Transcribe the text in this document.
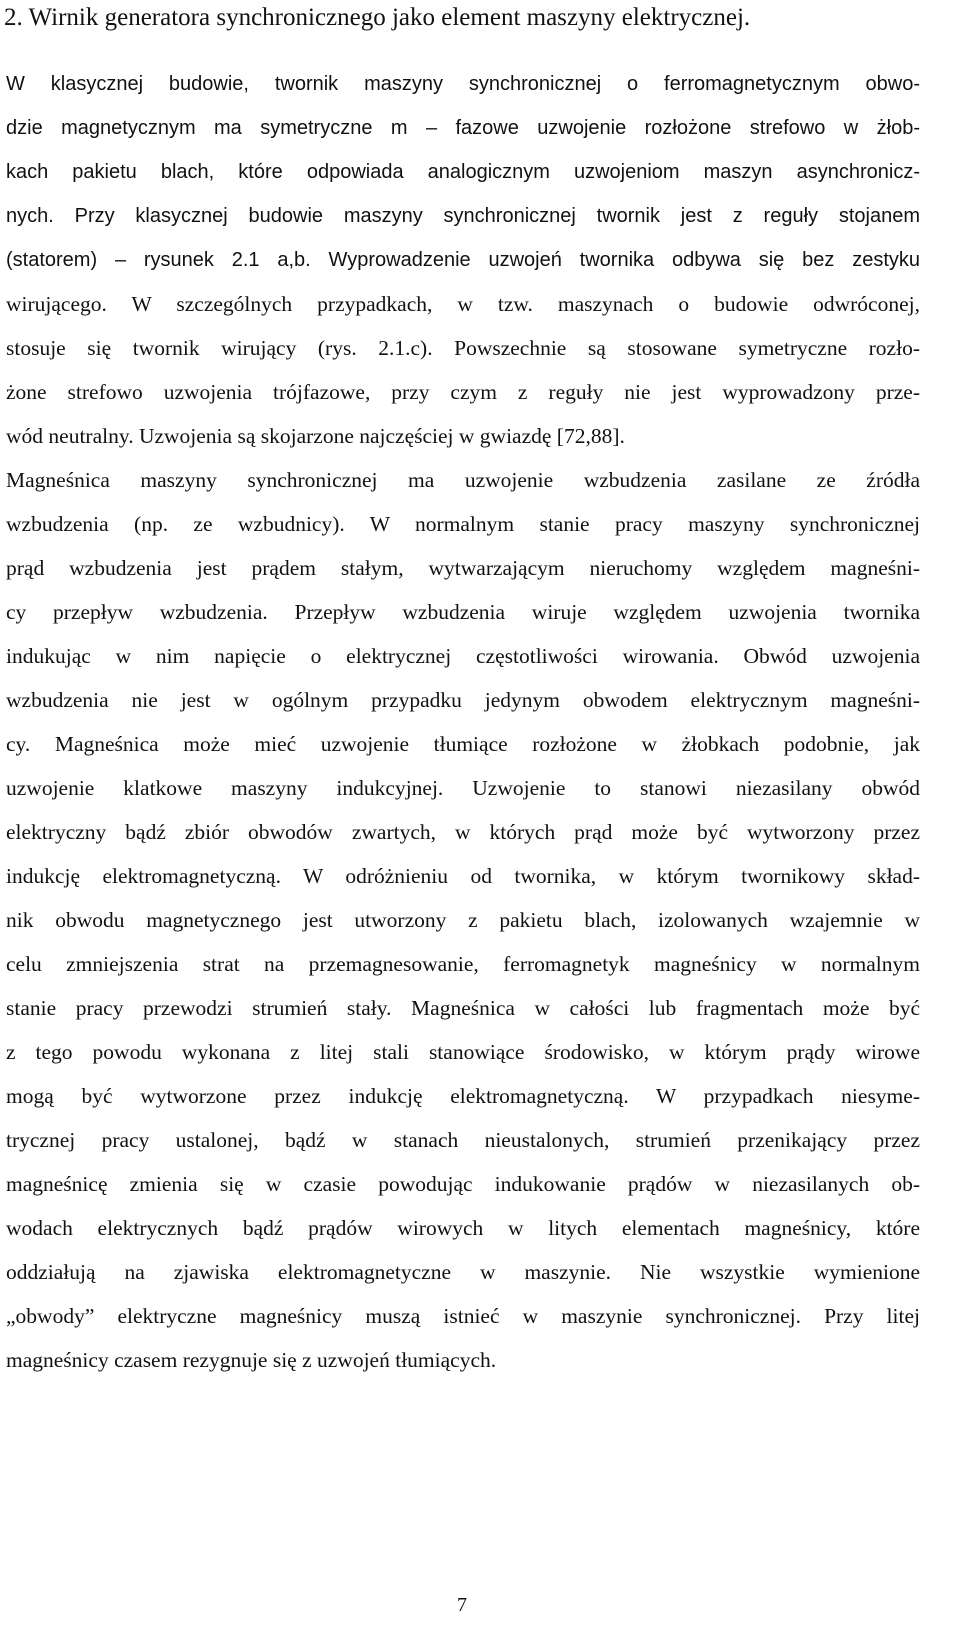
2. Wirnik generatora synchronicznego jako element maszyny elektrycznej.
W klasycznej budowie, twornik maszyny synchronicznej o ferromagnetycznym obwo-
dzie magnetycznym ma symetryczne m – fazowe uzwojenie rozłożone strefowo w żłob-
kach pakietu blach, które odpowiada analogicznym uzwojeniom maszyn asynchronicz-
nych. Przy klasycznej budowie maszyny synchronicznej twornik jest z reguły stojanem
(statorem) – rysunek 2.1 a,b. Wyprowadzenie uzwojeń twornika odbywa się bez zestyku
wirującego. W szczególnych przypadkach, w tzw. maszynach o budowie odwróconej,
stosuje się twornik wirujący (rys. 2.1.c). Powszechnie są stosowane symetryczne rozło-
żone strefowo uzwojenia trójfazowe, przy czym z reguły nie jest wyprowadzony prze-
wód neutralny. Uzwojenia są skojarzone najczęściej w gwiazdę [72,88].
Magneśnica maszyny synchronicznej ma uzwojenie wzbudzenia zasilane ze źródła
wzbudzenia (np. ze wzbudnicy). W normalnym stanie pracy maszyny synchronicznej
prąd wzbudzenia jest prądem stałym, wytwarzającym nieruchomy względem magneśni-
cy przepływ wzbudzenia. Przepływ wzbudzenia wiruje względem uzwojenia twornika
indukując w nim napięcie o elektrycznej częstotliwości wirowania. Obwód uzwojenia
wzbudzenia nie jest w ogólnym przypadku jedynym obwodem elektrycznym magneśni-
cy. Magneśnica może mieć uzwojenie tłumiące rozłożone w żłobkach podobnie, jak
uzwojenie klatkowe maszyny indukcyjnej. Uzwojenie to stanowi niezasilany obwód
elektryczny bądź zbiór obwodów zwartych, w których prąd może być wytworzony przez
indukcję elektromagnetyczną. W odróżnieniu od twornika, w którym twornikowy skład-
nik obwodu magnetycznego jest utworzony z pakietu blach, izolowanych wzajemnie w
celu zmniejszenia strat na przemagnesowanie, ferromagnetyk magneśnicy w normalnym
stanie pracy przewodzi strumień stały. Magneśnica w całości lub fragmentach może być
z tego powodu wykonana z litej stali stanowiące środowisko, w którym prądy wirowe
mogą być wytworzone przez indukcję elektromagnetyczną. W przypadkach niesyme-
trycznej pracy ustalonej, bądź w stanach nieustalonych, strumień przenikający przez
magneśnicę zmienia się w czasie powodując indukowanie prądów w niezasilanych ob-
wodach elektrycznych bądź prądów wirowych w litych elementach magneśnicy, które
oddziałują na zjawiska elektromagnetyczne w maszynie. Nie wszystkie wymienione
„obwody” elektryczne magneśnicy muszą istnieć w maszynie synchronicznej. Przy litej
magneśnicy czasem rezygnuje się z uzwojeń tłumiących.
7
